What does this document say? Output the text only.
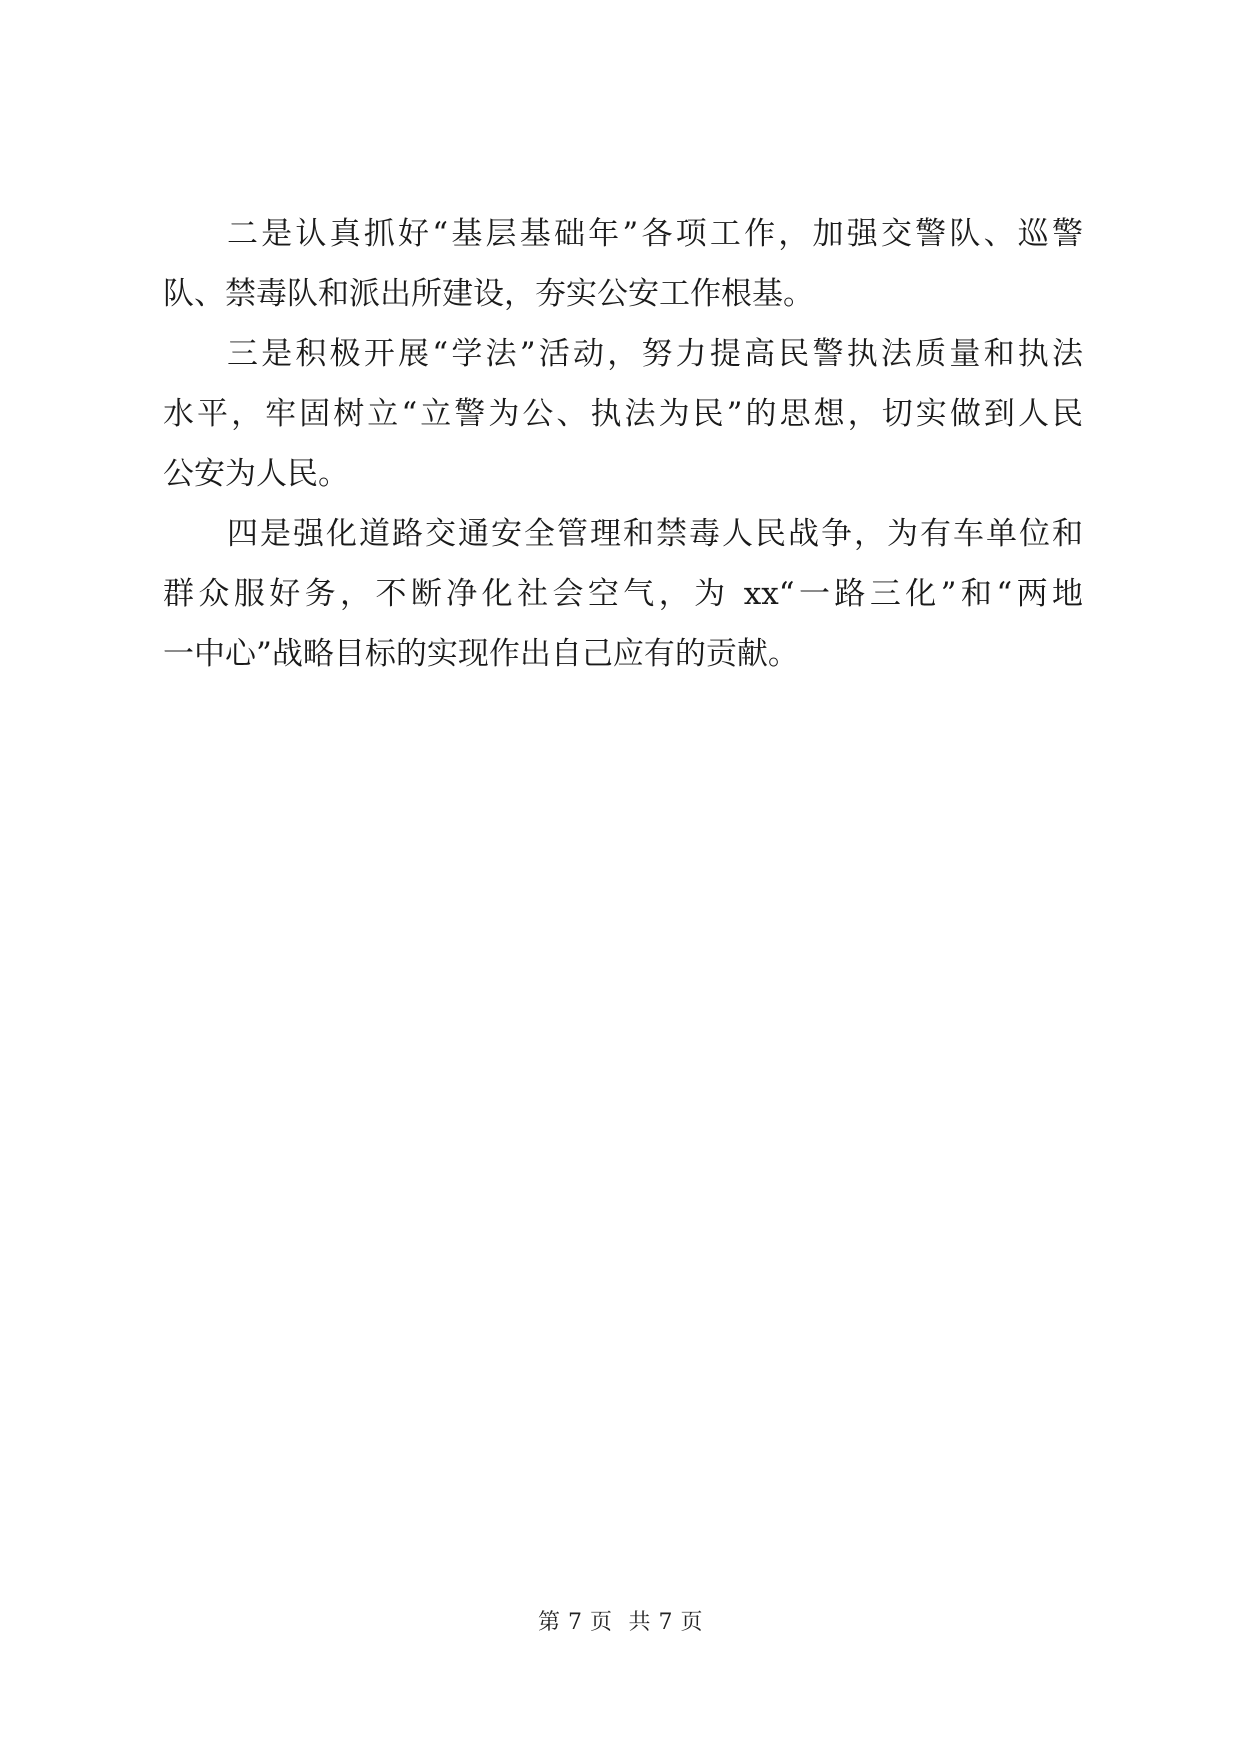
二是认真抓好“基层基础年”各项工作，加强交警队、巡警
队、禁毒队和派出所建设，夯实公安工作根基。
三是积极开展“学法”活动，努力提高民警执法质量和执法
水平，牢固树立“立警为公、执法为民”的思想，切实做到人民
公安为人民。
四是强化道路交通安全管理和禁毒人民战争，为有车单位和
群众服好务，不断净化社会空气，为 xx“一路三化”和“两地
一中心”战略目标的实现作出自己应有的贡献。
第 7 页 共 7 页
